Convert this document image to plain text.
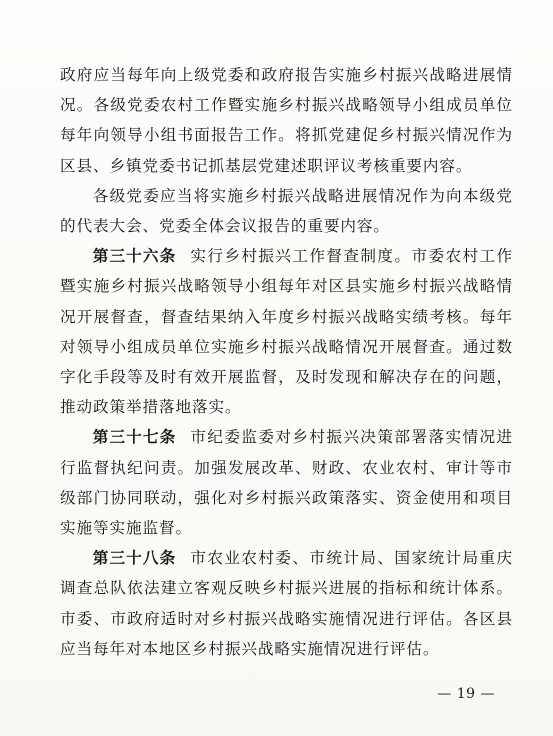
政府应当每年向上级党委和政府报告实施乡村振兴战略进展情况。各级党委农村工作暨实施乡村振兴战略领导小组成员单位每年向领导小组书面报告工作。将抓党建促乡村振兴情况作为区县、乡镇党委书记抓基层党建述职评议考核重要内容。

各级党委应当将实施乡村振兴战略进展情况作为向本级党的代表大会、党委全体会议报告的重要内容。

第三十六条 实行乡村振兴工作督查制度。市委农村工作暨实施乡村振兴战略领导小组每年对区县实施乡村振兴战略情况开展督查，督查结果纳入年度乡村振兴战略实绩考核。每年对领导小组成员单位实施乡村振兴战略情况开展督查。通过数字化手段等及时有效开展监督，及时发现和解决存在的问题，推动政策举措落地落实。

第三十七条 市纪委监委对乡村振兴决策部署落实情况进行监督执纪问责。加强发展改革、财政、农业农村、审计等市级部门协同联动，强化对乡村振兴政策落实、资金使用和项目实施等实施监督。

第三十八条 市农业农村委、市统计局、国家统计局重庆调查总队依法建立客观反映乡村振兴进展的指标和统计体系。市委、市政府适时对乡村振兴战略实施情况进行评估。各区县应当每年对本地区乡村振兴战略实施情况进行评估。

— 19 —
